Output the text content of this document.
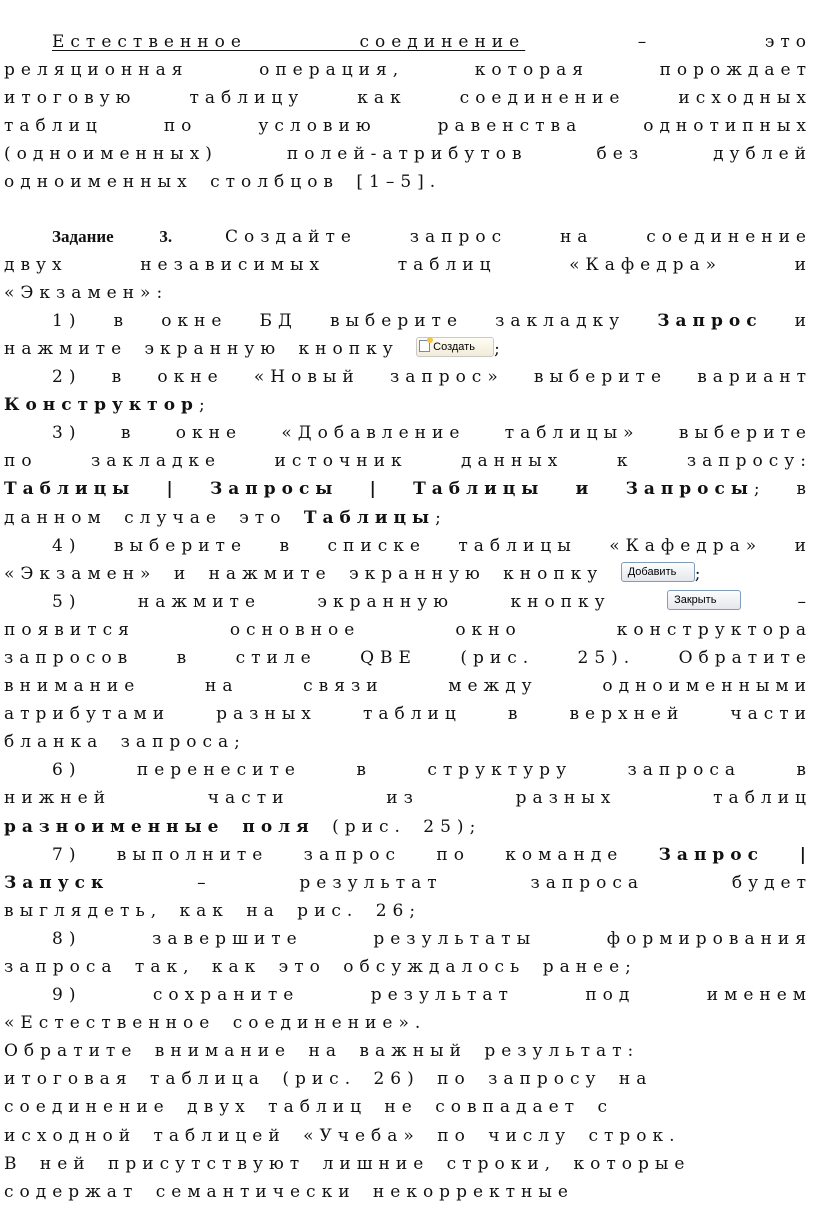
Естественное соединение	– это
реляционная операция, которая порождает
итоговую таблицу как соединение исходных
таблиц по условию равенства однотипных
(одноименных) полей-атрибутов без дублей
одноименных столбцов [1–5].
Задание 3.	Создайте запрос на соединение
двух независимых таблиц «Кафедра» и
«Экзамен»:
1) в окне БД выберите закладку Запрос и
нажмите экранную кнопку	Создать ;
2) в окне «Новый запрос» выберите вариант
Конструктор;
3) в окне «Добавление таблицы» выберите
по закладке источник данных к запросу:
Таблицы | Запросы | Таблицы и Запросы; в
данном случае это Таблицы;
4) выберите в списке таблицы «Кафедра» и
«Экзамен» и нажмите экранную кнопку Добавить ;
5) нажмите экранную кнопку	Закрыть	–
появится основное окно конструктора
запросов в стиле QBE (рис. 25). Обратите
внимание на связи между одноименными
атрибутами разных таблиц в верхней части
бланка запроса;
6) перенесите в структуру запроса в
нижней части из разных таблиц
разноименные поля (рис. 25);
7) выполните запрос по команде Запрос |
Запуск	– результат запроса будет
выглядеть, как на рис. 26;
8) завершите результаты формирования
запроса так, как это обсуждалось ранее;
9) сохраните результат под именем
«Естественное соединение».
Обратите внимание на важный результат:
итоговая таблица (рис. 26) по запросу на
соединение двух таблиц не совпадает с
исходной таблицей «Учеба» по числу строк.
В ней присутствуют лишние строки, которые
содержат семантически некорректные
